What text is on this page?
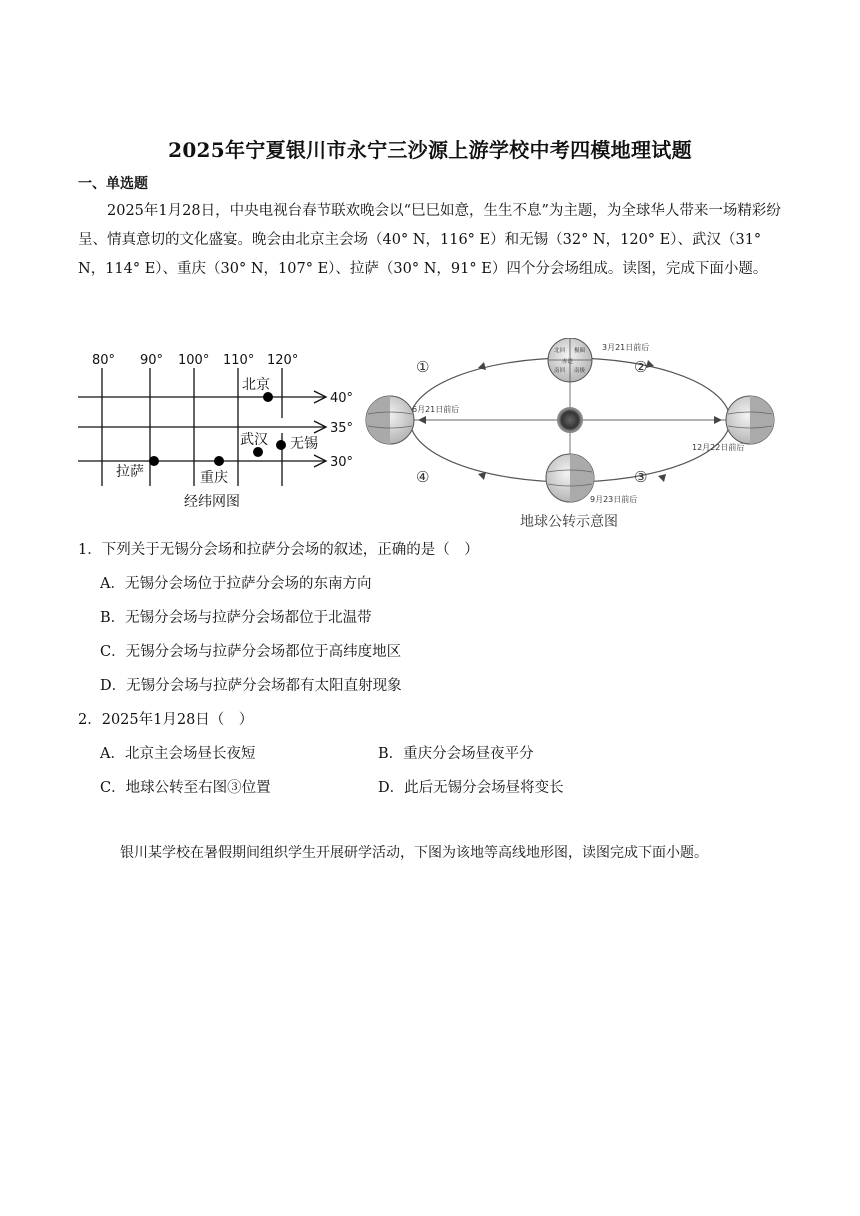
2025年宁夏银川市永宁三沙源上游学校中考四模地理试题
一、单选题
2025年1月28日，中央电视台春节联欢晚会以“巳巳如意，生生不息”为主题，为全球华人带来一场精彩纷呈、情真意切的文化盛宴。晚会由北京主会场（40° N，116° E）和无锡（32° N，120° E）、武汉（31° N，114° E）、重庆（30° N，107° E）、拉萨（30° N，91° E）四个分会场组成。读图，完成下面小题。
80° 90° 100° 110° 120°
40°
35°
30°
北京
武汉 无锡
重庆
拉萨
经纬网图
北回 极圈
赤道
南回 南极
3月21日前后
6月21日前后
12月22日前后
9月23日前后
①	②
③
④
地球公转示意图
1．下列关于无锡分会场和拉萨分会场的叙述，正确的是（　）
A．无锡分会场位于拉萨分会场的东南方向
B．无锡分会场与拉萨分会场都位于北温带
C．无锡分会场与拉萨分会场都位于高纬度地区
D．无锡分会场与拉萨分会场都有太阳直射现象
2．2025年1月28日（　）
A．北京主会场昼长夜短	B．重庆分会场昼夜平分
C．地球公转至右图③位置	D．此后无锡分会场昼将变长
银川某学校在暑假期间组织学生开展研学活动，下图为该地等高线地形图，读图完成下面小题。
